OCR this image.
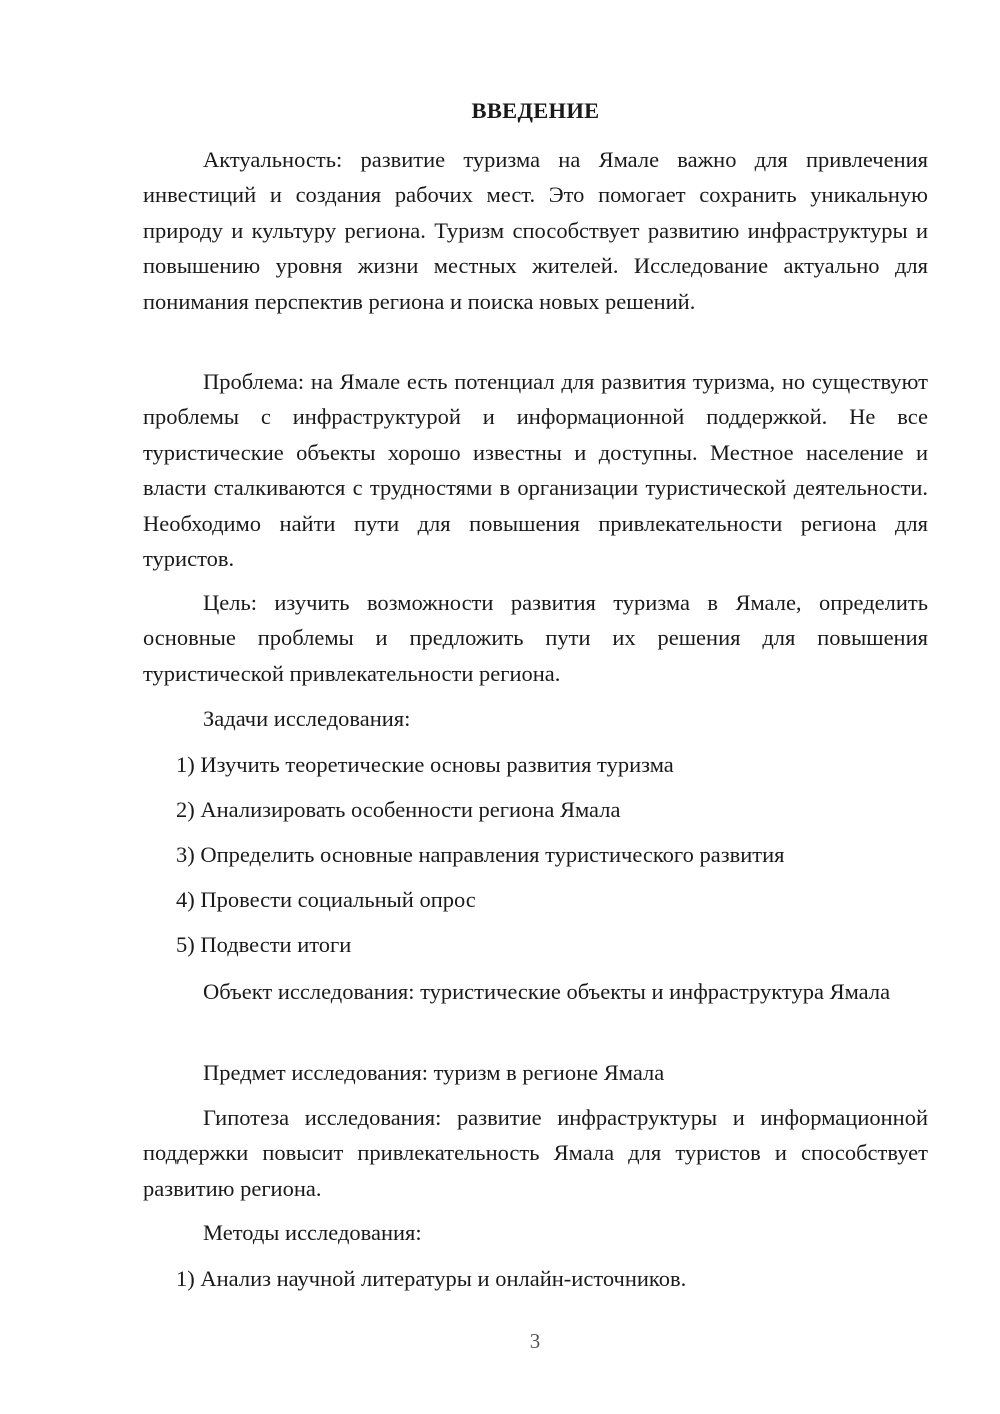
ВВЕДЕНИЕ

Актуальность: развитие туризма на Ямале важно для привлечения инвестиций и создания рабочих мест. Это помогает сохранить уникальную природу и культуру региона. Туризм способствует развитию инфраструктуры и повышению уровня жизни местных жителей. Исследование актуально для понимания перспектив региона и поиска новых решений.

Проблема: на Ямале есть потенциал для развития туризма, но существуют проблемы с инфраструктурой и информационной поддержкой. Не все туристические объекты хорошо известны и доступны. Местное население и власти сталкиваются с трудностями в организации туристической деятельности. Необходимо найти пути для повышения привлекательности региона для туристов.

Цель: изучить возможности развития туризма в Ямале, определить основные проблемы и предложить пути их решения для повышения туристической привлекательности региона.

Задачи исследования:

1) Изучить теоретические основы развития туризма

2) Анализировать особенности региона Ямала

3) Определить основные направления туристического развития

4) Провести социальный опрос

5) Подвести итоги

Объект исследования: туристические объекты и инфраструктура Ямала

Предмет исследования: туризм в регионе Ямала

Гипотеза исследования: развитие инфраструктуры и информационной поддержки повысит привлекательность Ямала для туристов и способствует развитию региона.

Методы исследования:

1) Анализ научной литературы и онлайн-источников.

3
